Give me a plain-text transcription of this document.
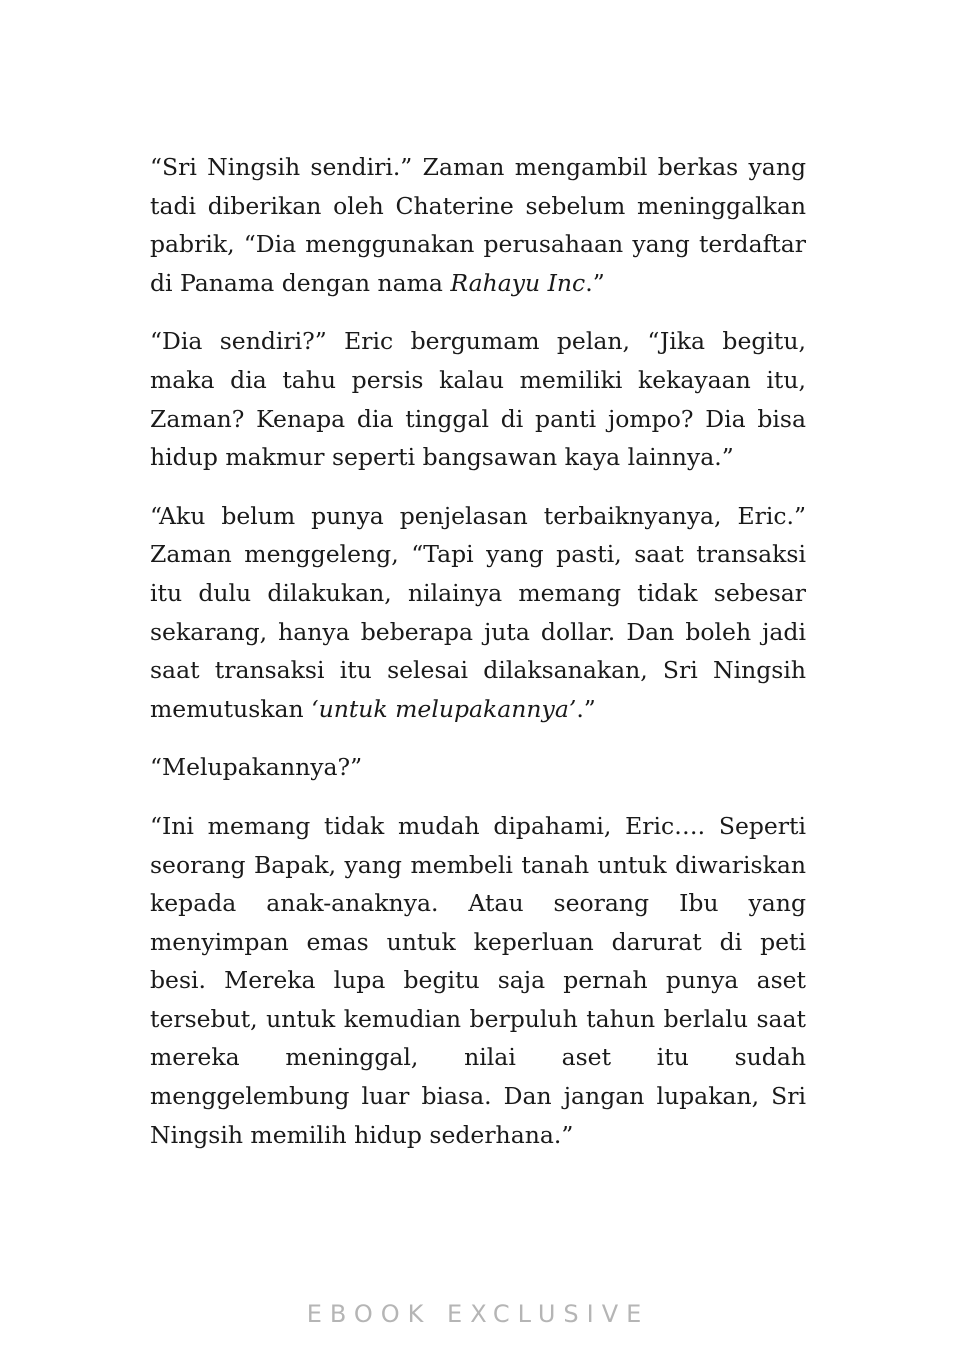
“Sri Ningsih sendiri.” Zaman mengambil berkas yang tadi diberikan oleh Chaterine sebelum meninggalkan pabrik, “Dia menggunakan perusahaan yang terdaftar di Panama dengan nama Rahayu Inc.”

“Dia sendiri?” Eric bergumam pelan, “Jika begitu, maka dia tahu persis kalau memiliki kekayaan itu, Zaman? Kenapa dia tinggal di panti jompo? Dia bisa hidup makmur seperti bangsawan kaya lainnya.”

“Aku belum punya penjelasan terbaiknyanya, Eric.” Zaman menggeleng, “Tapi yang pasti, saat transaksi itu dulu dilakukan, nilainya memang tidak sebesar sekarang, hanya beberapa juta dollar. Dan boleh jadi saat transaksi itu selesai dilaksanakan, Sri Ningsih memutuskan ‘untuk melupakannya’.”

“Melupakannya?”

“Ini memang tidak mudah dipahami, Eric…. Seperti seorang Bapak, yang membeli tanah untuk diwariskan kepada anak-anaknya. Atau seorang Ibu yang menyimpan emas untuk keperluan darurat di peti besi. Mereka lupa begitu saja pernah punya aset tersebut, untuk kemudian berpuluh tahun berlalu saat mereka meninggal, nilai aset itu sudah menggelembung luar biasa. Dan jangan lupakan, Sri Ningsih memilih hidup sederhana.”

EBOOK EXCLUSIVE
